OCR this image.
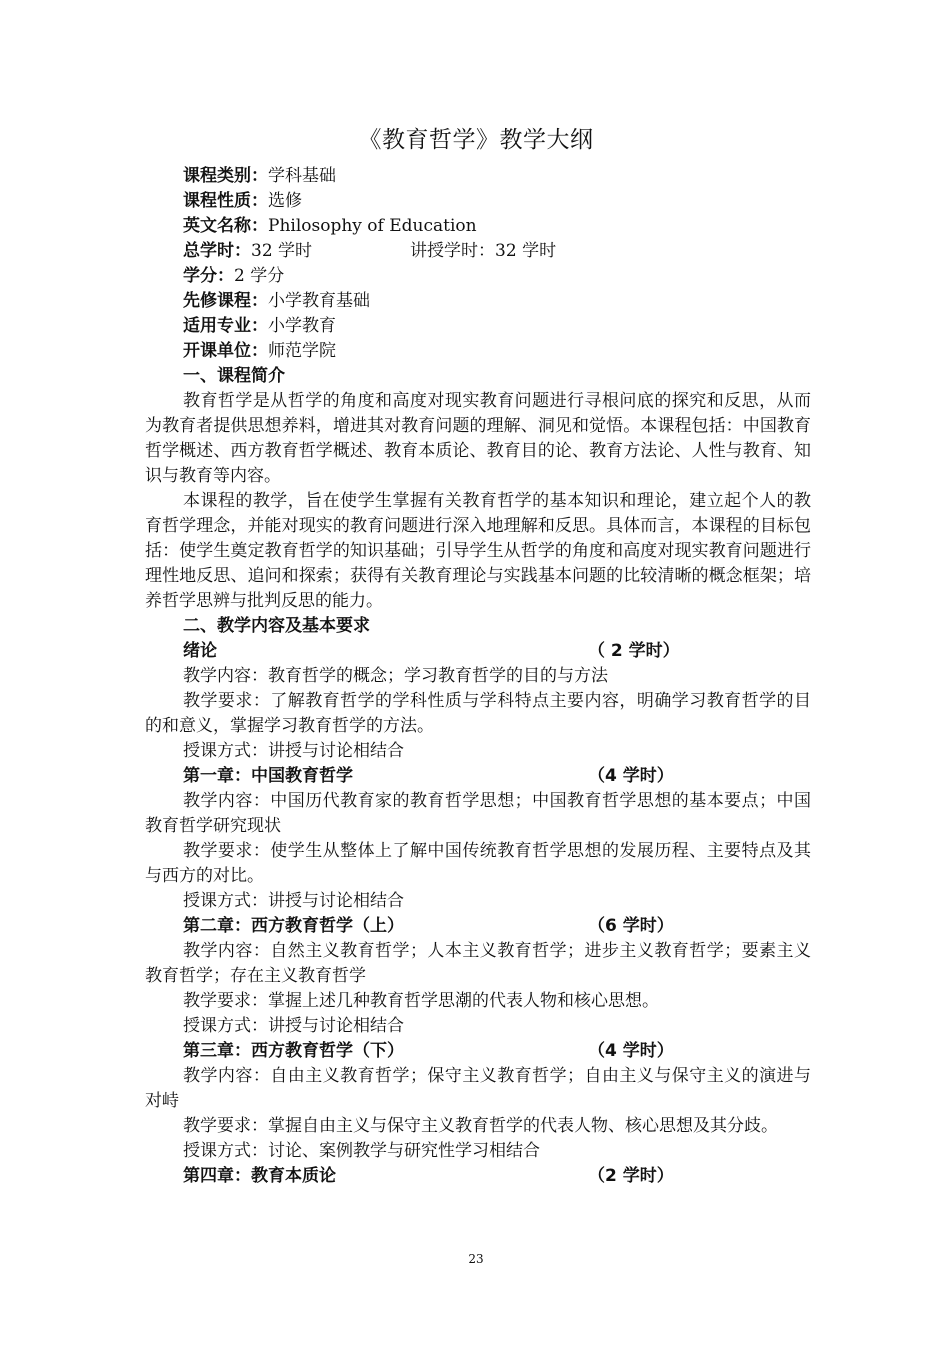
《教育哲学》教学大纲
课程类别：学科基础
课程性质：选修
英文名称：Philosophy of Education
总学时：32 学时	讲授学时：32 学时
学分：2 学分
先修课程：小学教育基础
适用专业：小学教育
开课单位：师范学院
一、课程简介

教育哲学是从哲学的角度和高度对现实教育问题进行寻根问底的探究和反思，从而为教育者提供思想养料，增进其对教育问题的理解、洞见和觉悟。本课程包括：中国教育哲学概述、西方教育哲学概述、教育本质论、教育目的论、教育方法论、人性与教育、知识与教育等内容。

本课程的教学，旨在使学生掌握有关教育哲学的基本知识和理论，建立起个人的教育哲学理念，并能对现实的教育问题进行深入地理解和反思。具体而言，本课程的目标包括：使学生奠定教育哲学的知识基础；引导学生从哲学的角度和高度对现实教育问题进行理性地反思、追问和探索；获得有关教育理论与实践基本问题的比较清晰的概念框架；培养哲学思辨与批判反思的能力。

二、教学内容及基本要求
绪论	（ 2 学时）

教学内容：教育哲学的概念；学习教育哲学的目的与方法

教学要求：了解教育哲学的学科性质与学科特点主要内容，明确学习教育哲学的目的和意义，掌握学习教育哲学的方法。

授课方式：讲授与讨论相结合

第一章：中国教育哲学	（4 学时）

教学内容：中国历代教育家的教育哲学思想；中国教育哲学思想的基本要点；中国教育哲学研究现状

教学要求：使学生从整体上了解中国传统教育哲学思想的发展历程、主要特点及其与西方的对比。

授课方式：讲授与讨论相结合

第二章：西方教育哲学（上）	（6 学时）

教学内容：自然主义教育哲学；人本主义教育哲学；进步主义教育哲学；要素主义教育哲学；存在主义教育哲学

教学要求：掌握上述几种教育哲学思潮的代表人物和核心思想。

授课方式：讲授与讨论相结合

第三章：西方教育哲学（下）	（4 学时）

教学内容：自由主义教育哲学；保守主义教育哲学；自由主义与保守主义的演进与对峙

教学要求：掌握自由主义与保守主义教育哲学的代表人物、核心思想及其分歧。

授课方式：讨论、案例教学与研究性学习相结合

第四章：教育本质论	（2 学时）
23
